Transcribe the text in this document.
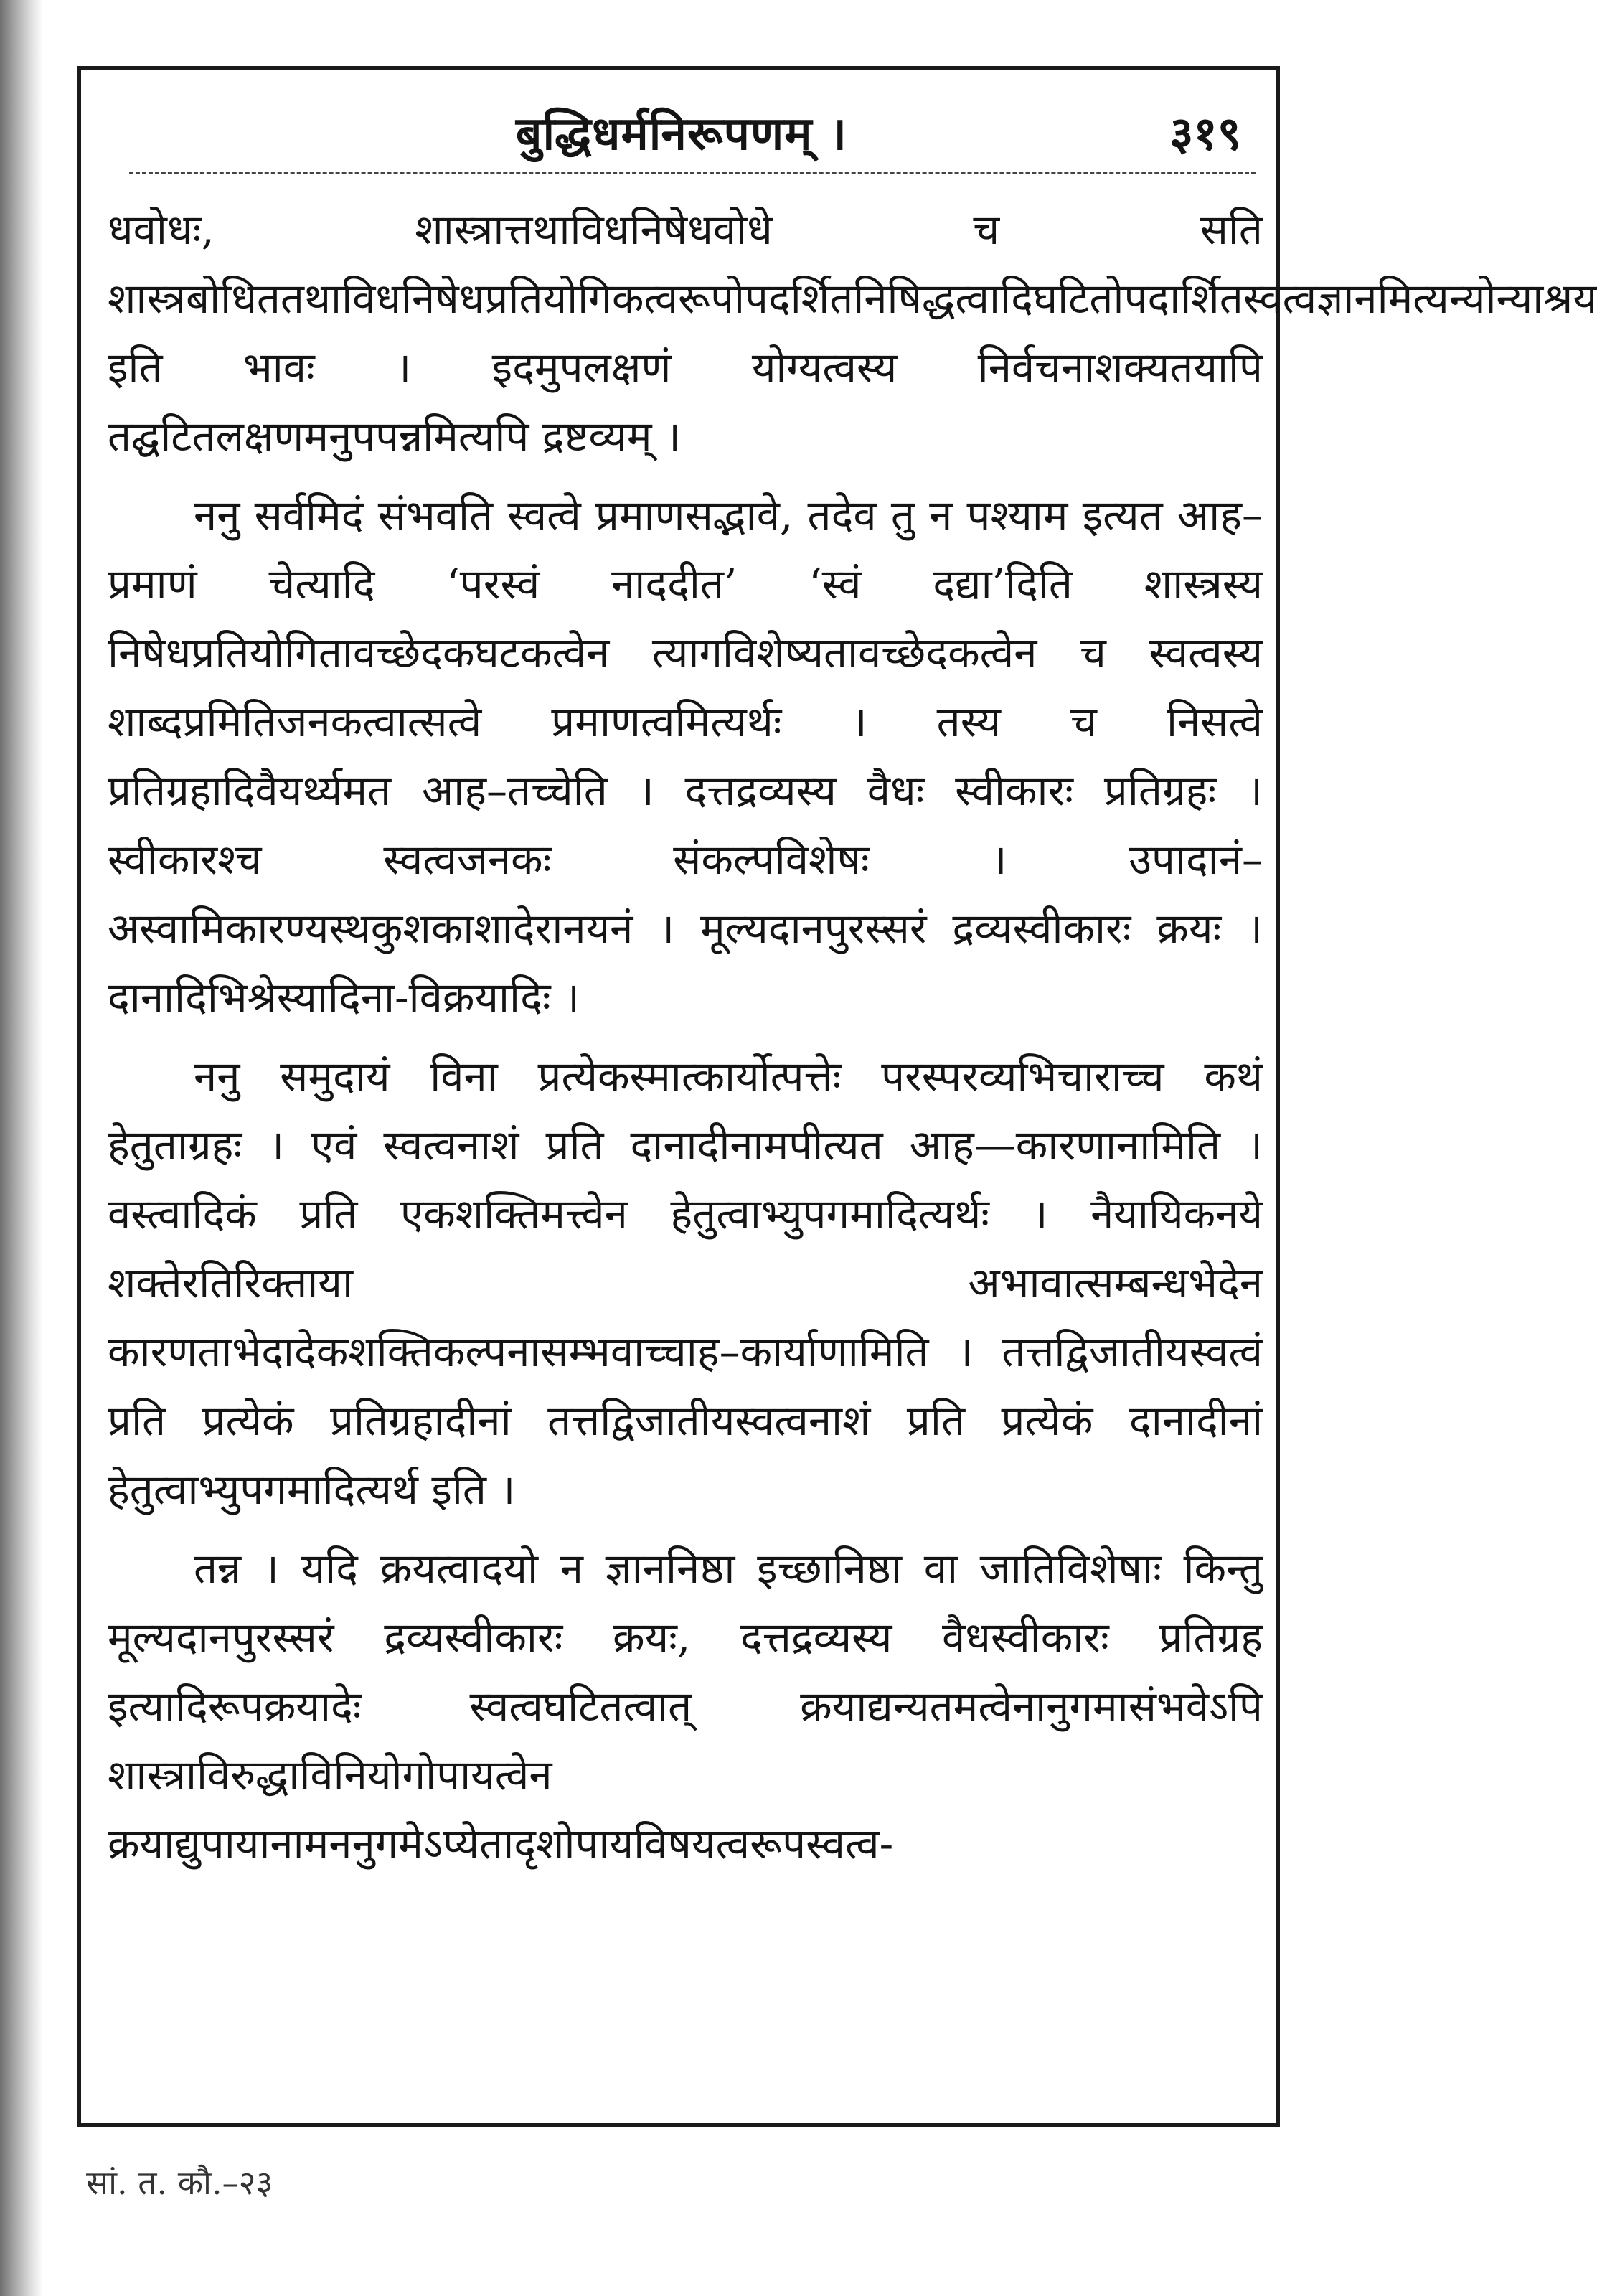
बुद्धिधर्मनिरूपणम् ।	३१९

धवोधः, शास्त्रात्तथाविधनिषेधवोधे च सति शास्त्रबोधिततथाविधनिषेधप्रतियोगिकत्वरूपोपदर्शितनिषिद्धत्वादिघटितोपदार्शितस्वत्वज्ञानमित्यन्योन्याश्रय इति भावः । इदमुपलक्षणं योग्यत्वस्य निर्वचनाशक्यतयापि तद्घटितलक्षणमनुपपन्नमित्यपि द्रष्टव्यम् ।

ननु सर्वमिदं संभवति स्वत्वे प्रमाणसद्भावे, तदेव तु न पश्याम इत्यत आह–प्रमाणं चेत्यादि ‘परस्वं नाददीत’ ‘स्वं दद्या’दिति शास्त्रस्य निषेधप्रतियोगितावच्छेदकघटकत्वेन त्यागविशेष्यतावच्छेदकत्वेन च स्वत्वस्य शाब्दप्रमितिजनकत्वात्सत्वे प्रमाणत्वमित्यर्थः । तस्य च निसत्वे प्रतिग्रहादिवैयर्थ्यमत आह–तच्चेति । दत्तद्रव्यस्य वैधः स्वीकारः प्रतिग्रहः । स्वीकारश्च स्वत्वजनकः संकल्पविशेषः । उपादानं–अस्वामिकारण्यस्थकुशकाशादेरानयनं । मूल्यदानपुरस्सरं द्रव्यस्वीकारः क्रयः । दानादिभिश्रेस्यादिना-विक्रयादिः ।

ननु समुदायं विना प्रत्येकस्मात्कार्योत्पत्तेः परस्परव्यभिचाराच्च कथं हेतुताग्रहः । एवं स्वत्वनाशं प्रति दानादीनामपीत्यत आह—कारणानामिति । वस्त्वादिकं प्रति एकशक्तिमत्त्वेन हेतुत्वाभ्युपगमादित्यर्थः । नैयायिकनये शक्तेरतिरिक्ताया अभावात्सम्बन्धभेदेन कारणताभेदादेकशक्तिकल्पनासम्भवाच्चाह–कार्याणामिति । तत्तद्विजातीयस्वत्वं प्रति प्रत्येकं प्रतिग्रहादीनां तत्तद्विजातीयस्वत्वनाशं प्रति प्रत्येकं दानादीनां हेतुत्वाभ्युपगमादित्यर्थ इति ।

तन्न । यदि क्रयत्वादयो न ज्ञाननिष्ठा इच्छानिष्ठा वा जातिविशेषाः किन्तु मूल्यदानपुरस्सरं द्रव्यस्वीकारः क्रयः, दत्तद्रव्यस्य वैधस्वीकारः प्रतिग्रह इत्यादिरूपक्रयादेः स्वत्वघटितत्वात् क्रयाद्यन्यतमत्वेनानुगमासंभवेऽपि शास्त्राविरुद्धाविनियोगोपायत्वेन क्रयाद्युपायानामननुगमेऽप्येतादृशोपायविषयत्वरूपस्वत्व-

सां. त. कौ.–२३
